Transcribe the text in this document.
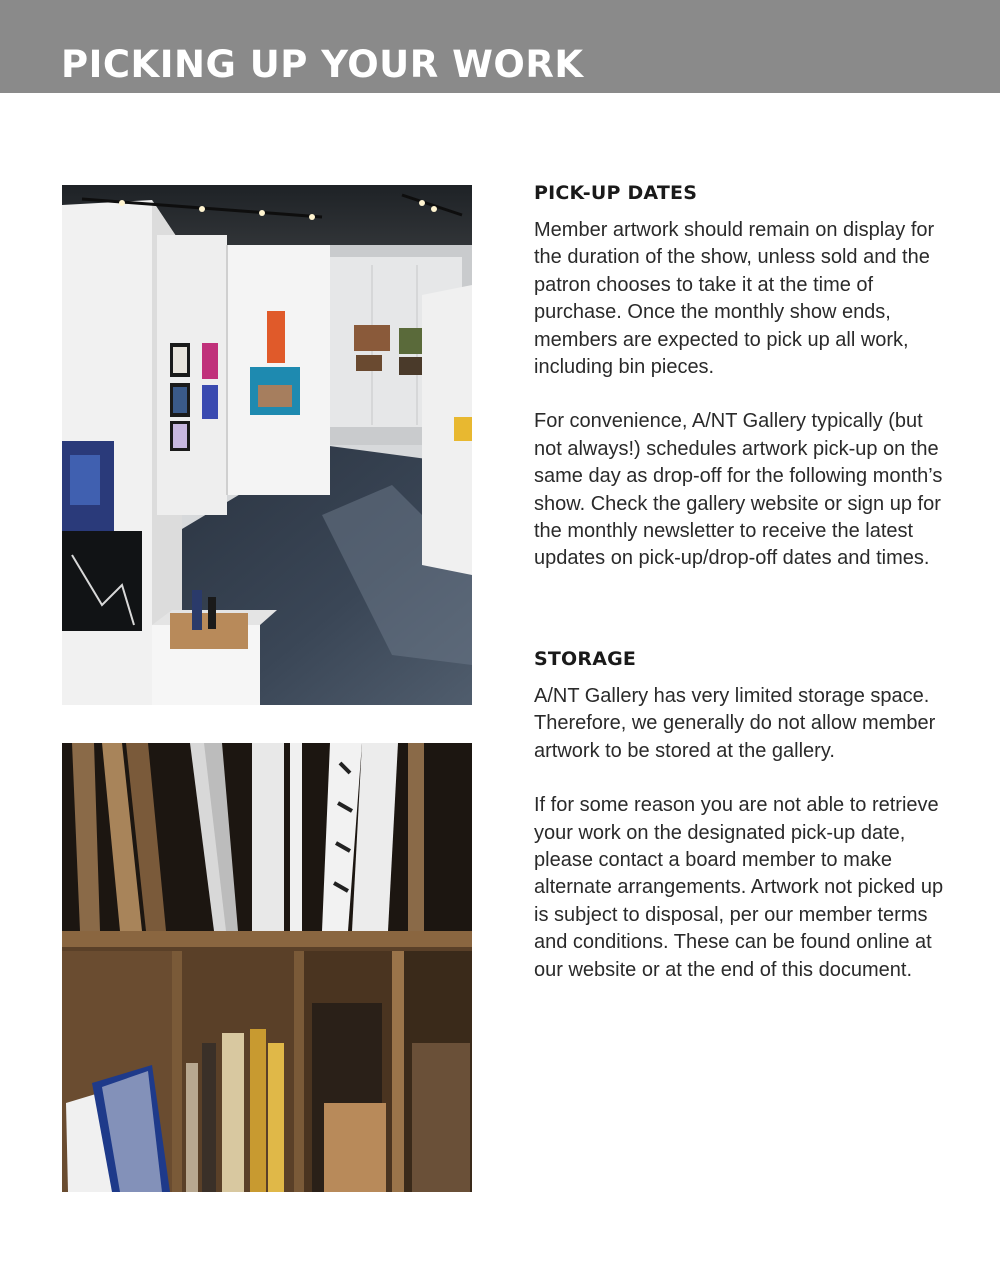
PICKING UP YOUR WORK
PICK-UP DATES

Member artwork should remain on display for the duration of the show, unless sold and the patron chooses to take it at the time of purchase. Once the monthly show ends, members are expected to pick up all work, including bin pieces.

For convenience, A/NT Gallery typically (but not always!) schedules artwork pick-up on the same day as drop-off for the following month’s show. Check the gallery website or sign up for the monthly newsletter to receive the latest updates on pick-up/drop-off dates and times.

STORAGE

A/NT Gallery has very limited storage space. Therefore, we generally do not allow member artwork to be stored at the gallery.

If for some reason you are not able to retrieve your work on the designated pick-up date, please contact a board member to make alternate arrangements. Artwork not picked up is subject to disposal, per our member terms and conditions. These can be found online at our website or at the end of this document.
